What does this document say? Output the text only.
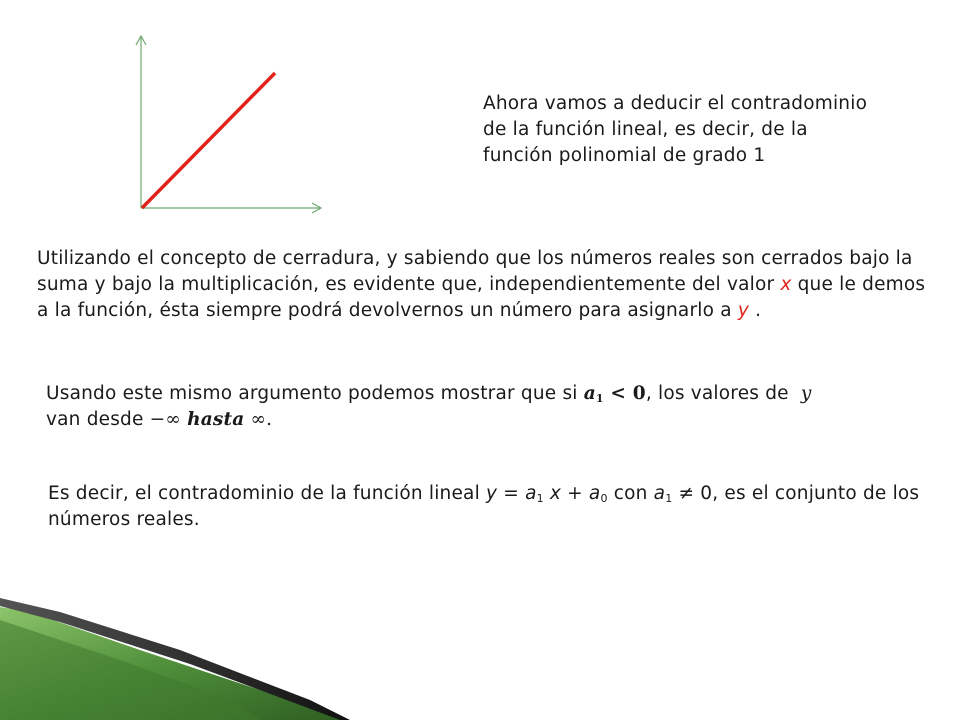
Ahora vamos a deducir el contradominio de la función lineal, es decir, de la función polinomial de grado 1

Utilizando el concepto de cerradura, y sabiendo que los números reales son cerrados bajo la suma y bajo la multiplicación, es evidente que, independientemente del valor x que le demos a la función, ésta siempre podrá devolvernos un número para asignarlo a y .

Usando este mismo argumento podemos mostrar que si $a_1 < 0$, los valores de  y
van desde −∞ hasta ∞.

Es decir, el contradominio de la función lineal $y = a_1$ $x + a_0$ con $a_1 \ne 0$, es el conjunto de los números reales.
